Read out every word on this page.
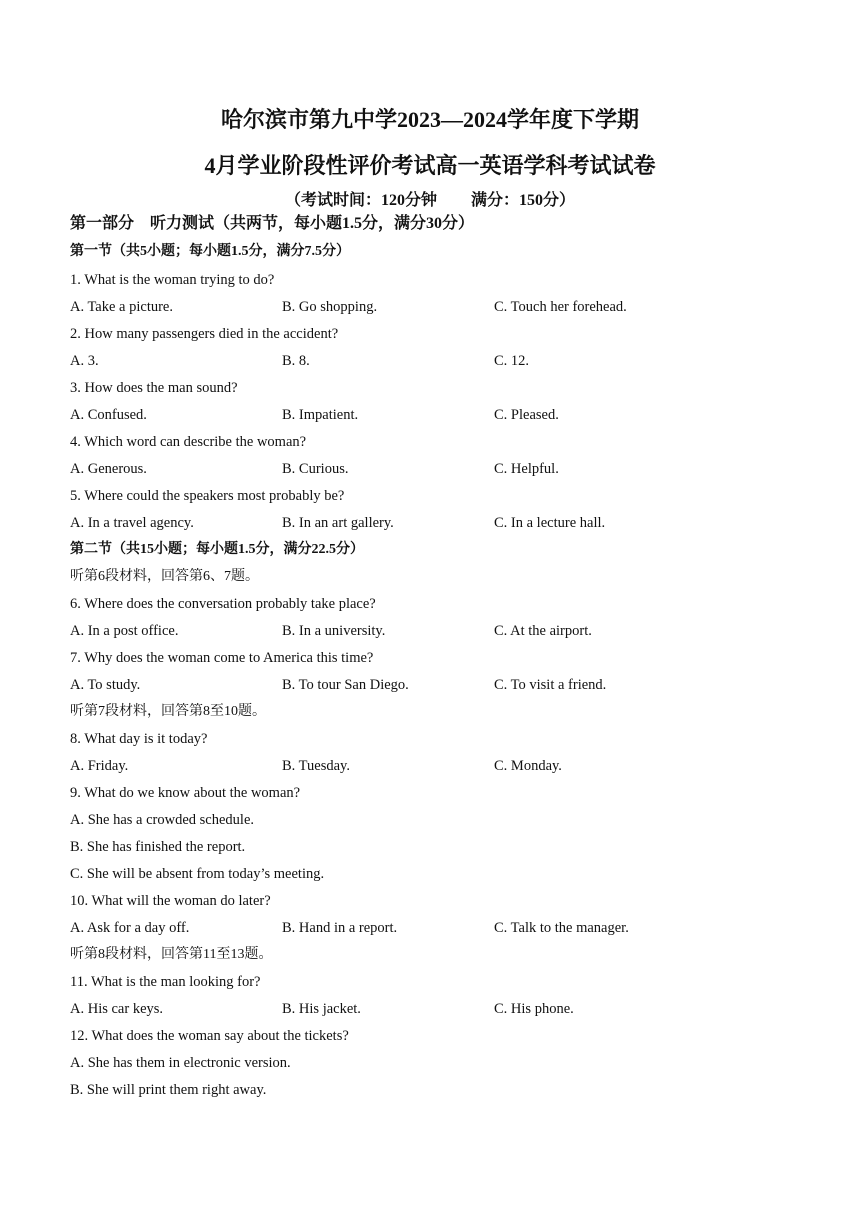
哈尔滨市第九中学2023—2024学年度下学期
4月学业阶段性评价考试高一英语学科考试试卷
（考试时间：120分钟 满分：150分）
第一部分　听力测试（共两节，每小题1.5分，满分30分）
第一节（共5小题；每小题1.5分，满分7.5分）
1. What is the woman trying to do?
A. Take a picture.	B. Go shopping.	C. Touch her forehead.
2. How many passengers died in the accident?
A. 3.	B. 8.	C. 12.
3. How does the man sound?
A. Confused.	B. Impatient.	C. Pleased.
4. Which word can describe the woman?
A. Generous.	B. Curious.	C. Helpful.
5. Where could the speakers most probably be?
A. In a travel agency.	B. In an art gallery.	C. In a lecture hall.
第二节（共15小题；每小题1.5分，满分22.5分）
听第6段材料，回答第6、7题。
6. Where does the conversation probably take place?
A. In a post office.	B. In a university.	C. At the airport.
7. Why does the woman come to America this time?
A. To study.	B. To tour San Diego.	C. To visit a friend.
听第7段材料，回答第8至10题。
8. What day is it today?
A. Friday.	B. Tuesday.	C. Monday.
9. What do we know about the woman?
A. She has a crowded schedule.
B. She has finished the report.
C. She will be absent from today’s meeting.
10. What will the woman do later?
A. Ask for a day off.	B. Hand in a report.	C. Talk to the manager.
听第8段材料，回答第11至13题。
11. What is the man looking for?
A. His car keys.	B. His jacket.	C. His phone.
12. What does the woman say about the tickets?
A. She has them in electronic version.
B. She will print them right away.
